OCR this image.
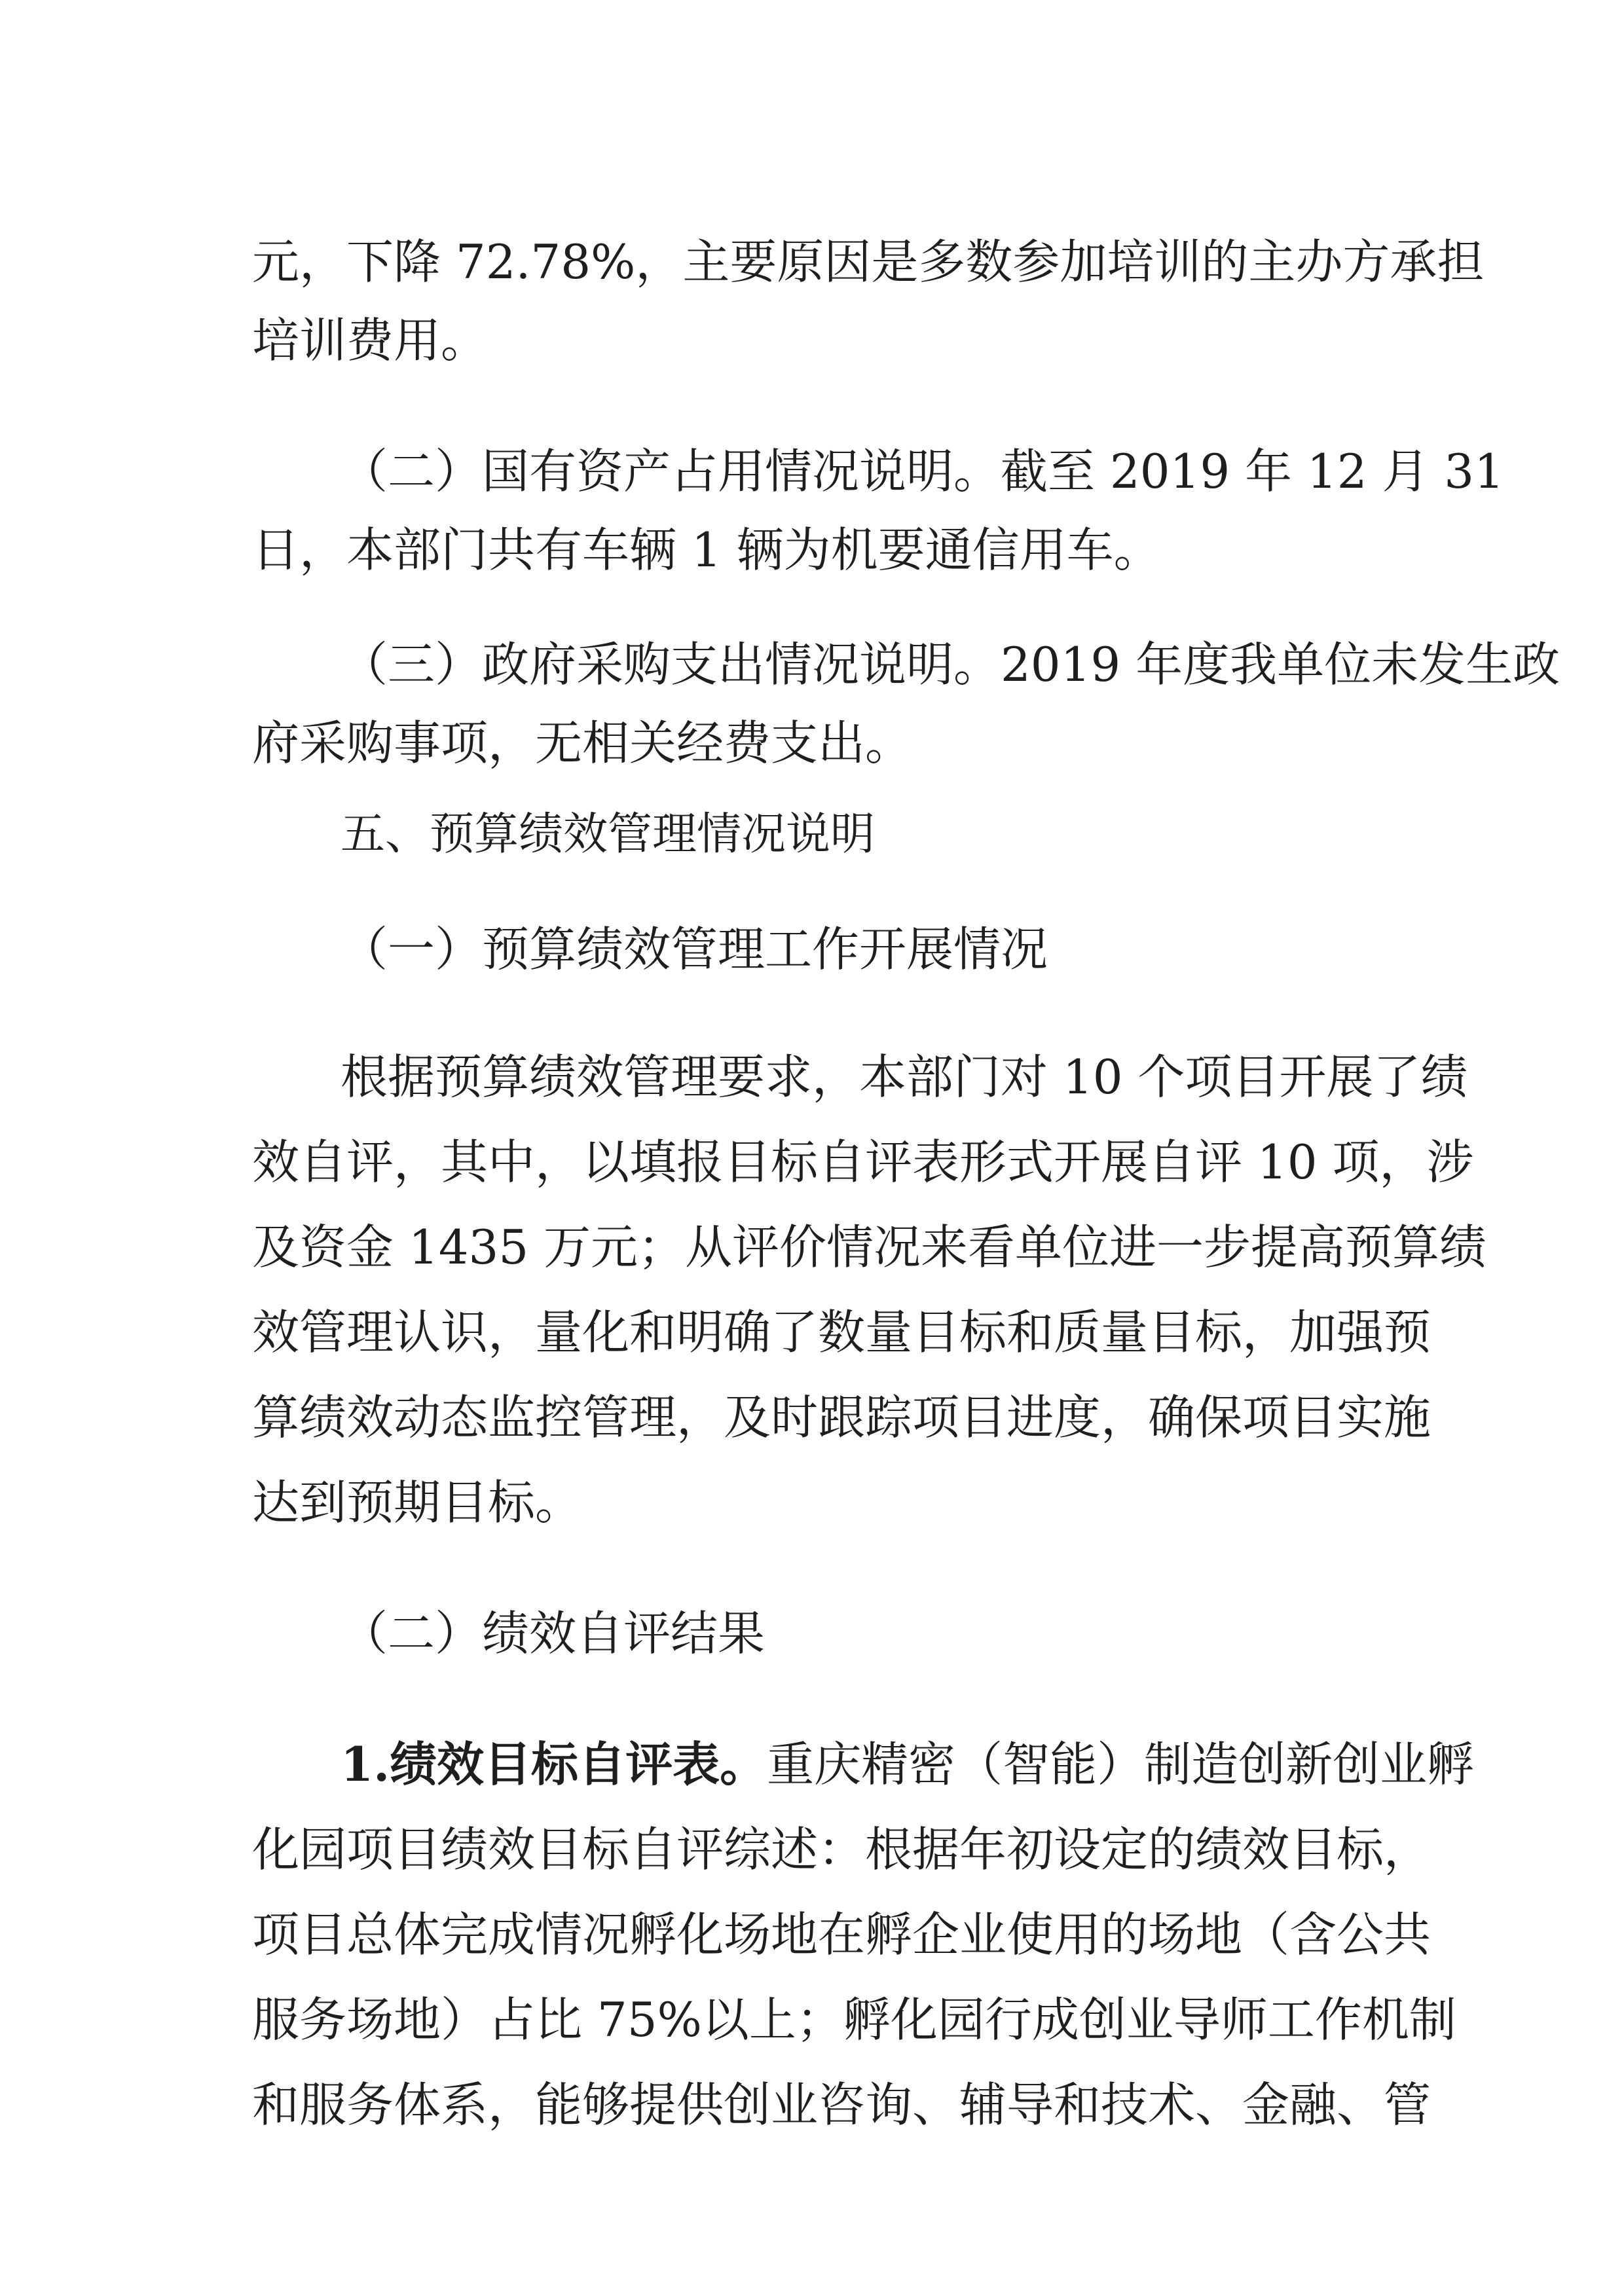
元，下降 72.78%，主要原因是多数参加培训的主办方承担
培训费用。
（二）国有资产占用情况说明。截至 2019 年 12 月 31
日，本部门共有车辆 1 辆为机要通信用车。
（三）政府采购支出情况说明。2019 年度我单位未发生政
府采购事项，无相关经费支出。
五、预算绩效管理情况说明
（一）预算绩效管理工作开展情况
根据预算绩效管理要求，本部门对 10 个项目开展了绩
效自评，其中，以填报目标自评表形式开展自评 10 项，涉
及资金 1435 万元；从评价情况来看单位进一步提高预算绩
效管理认识，量化和明确了数量目标和质量目标，加强预
算绩效动态监控管理，及时跟踪项目进度，确保项目实施
达到预期目标。
（二）绩效自评结果
1.绩效目标自评表。重庆精密（智能）制造创新创业孵
化园项目绩效目标自评综述：根据年初设定的绩效目标，
项目总体完成情况孵化场地在孵企业使用的场地（含公共
服务场地）占比 75%以上；孵化园行成创业导师工作机制
和服务体系，能够提供创业咨询、辅导和技术、金融、管
